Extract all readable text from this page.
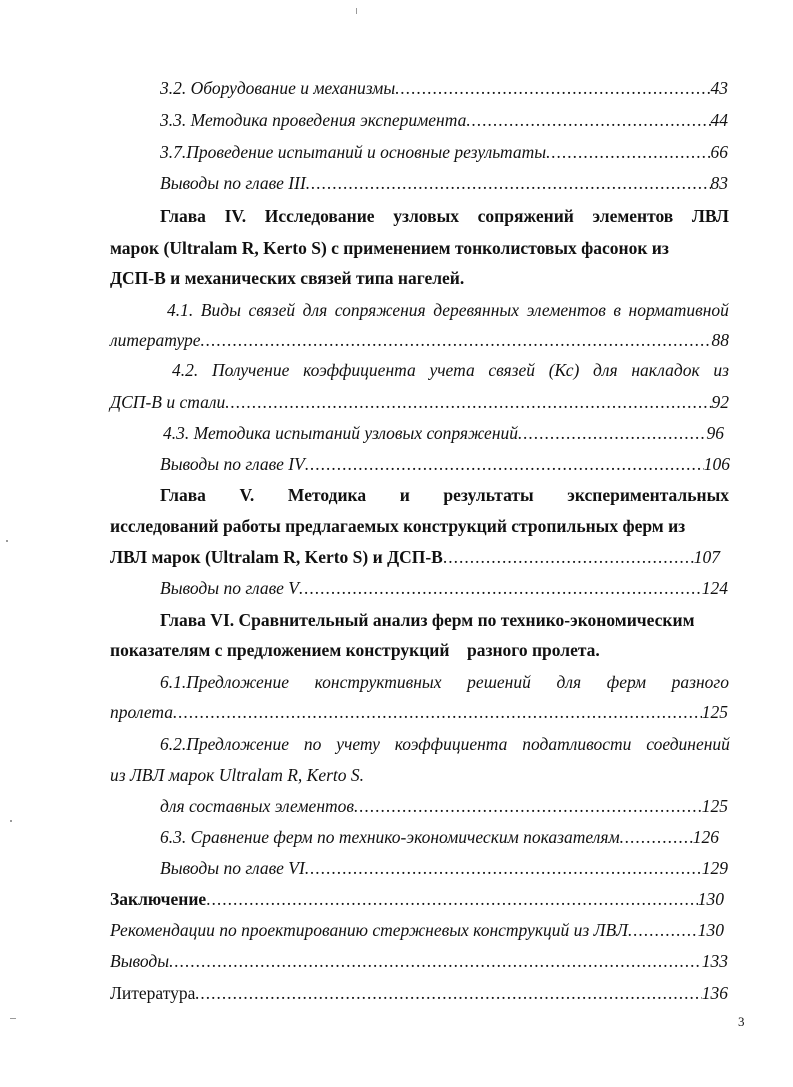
3.2. Оборудование и механизмы .....	43
3.3. Методика проведения эксперимента .....	44
3.7.Проведение испытаний и основные результаты .....	66
Выводы по главе III .....	83
Глава IV. Исследование узловых сопряжений элементов ЛВЛ
марок (Ultralam R, Kerto S) с применением тонколистовых фасонок из
ДСП-В и механических связей типа нагелей.
4.1. Виды связей для сопряжения деревянных элементов в нормативной
литературе .....	88
4.2. Получение коэффициента учета связей (Кс) для накладок из
ДСП-В и стали .....	92
4.3. Методика испытаний узловых сопряжений .....	96
Выводы по главе IV .....	106
Глава V. Методика и результаты экспериментальных
исследований работы предлагаемых конструкций стропильных ферм из
ЛВЛ марок (Ultralam R, Kerto S) и ДСП-В .....	107
Выводы по главе V .....	124
Глава VI. Сравнительный анализ ферм по технико-экономическим
показателям с предложением конструкций    разного пролета.
6.1.Предложение конструктивных решений для ферм разного
пролета .....	125
6.2.Предложение по учету коэффициента податливости соединений
из ЛВЛ марок Ultralam R, Kerto S.
для составных элементов .....	125
6.3. Сравнение ферм по технико-экономическим показателям .....	126
Выводы по главе VI .....	129
Заключение .....	130
Рекомендации по проектированию стержневых конструкций из ЛВЛ .....	130
Выводы .....	133
Литература .....	136
3
